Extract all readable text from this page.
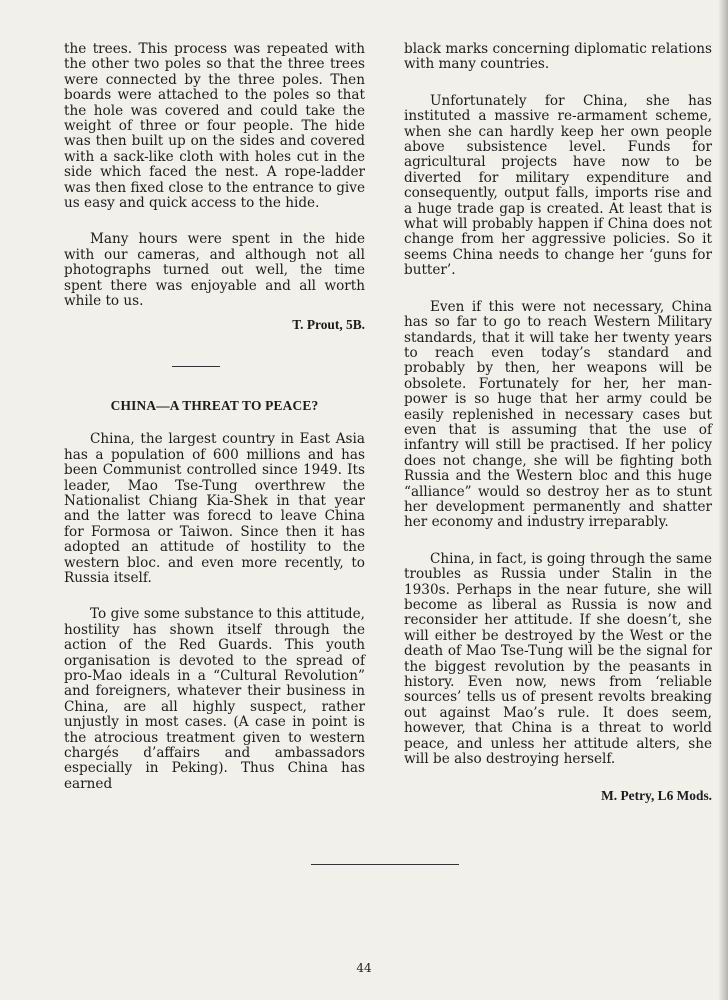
the trees. This process was repeated with the other two poles so that the three trees were connected by the three poles. Then boards were attached to the poles so that the hole was covered and could take the weight of three or four people. The hide was then built up on the sides and covered with a sack-like cloth with holes cut in the side which faced the nest. A rope-ladder was then fixed close to the entrance to give us easy and quick access to the hide.

Many hours were spent in the hide with our cameras, and although not all photographs turned out well, the time spent there was enjoyable and all worth while to us.

T. Prout, 5B.

CHINA—A THREAT TO PEACE?

China, the largest country in East Asia has a population of 600 millions and has been Communist controlled since 1949. Its leader, Mao Tse-Tung overthrew the Nationalist Chiang Kia-Shek in that year and the latter was forecd to leave China for Formosa or Taiwon. Since then it has adopted an attitude of hostility to the western bloc. and even more recently, to Russia itself.

To give some substance to this attitude, hostility has shown itself through the action of the Red Guards. This youth organisation is devoted to the spread of pro-Mao ideals in a “Cultural Revolution” and foreigners, whatever their business in China, are all highly suspect, rather unjustly in most cases. (A case in point is the atrocious treatment given to western chargés d’affairs and ambassadors especially in Peking). Thus China has earned

black marks concerning diplomatic relations with many countries.

Unfortunately for China, she has instituted a massive re-armament scheme, when she can hardly keep her own people above subsistence level. Funds for agricultural projects have now to be diverted for military expenditure and consequently, output falls, imports rise and a huge trade gap is created. At least that is what will probably happen if China does not change from her aggressive policies. So it seems China needs to change her ‘guns for butter’.

Even if this were not necessary, China has so far to go to reach Western Military standards, that it will take her twenty years to reach even today’s standard and probably by then, her weapons will be obsolete. Fortunately for her, her man-power is so huge that her army could be easily replenished in necessary cases but even that is assuming that the use of infantry will still be practised. If her policy does not change, she will be fighting both Russia and the Western bloc and this huge “alliance” would so destroy her as to stunt her development permanently and shatter her economy and industry irreparably.

China, in fact, is going through the same troubles as Russia under Stalin in the 1930s. Perhaps in the near future, she will become as liberal as Russia is now and reconsider her attitude. If she doesn’t, she will either be destroyed by the West or the death of Mao Tse-Tung will be the signal for the biggest revolution by the peasants in history. Even now, news from ‘reliable sources’ tells us of present revolts breaking out against Mao’s rule. It does seem, however, that China is a threat to world peace, and unless her attitude alters, she will be also destroying herself.

M. Petry, L6 Mods.

44
